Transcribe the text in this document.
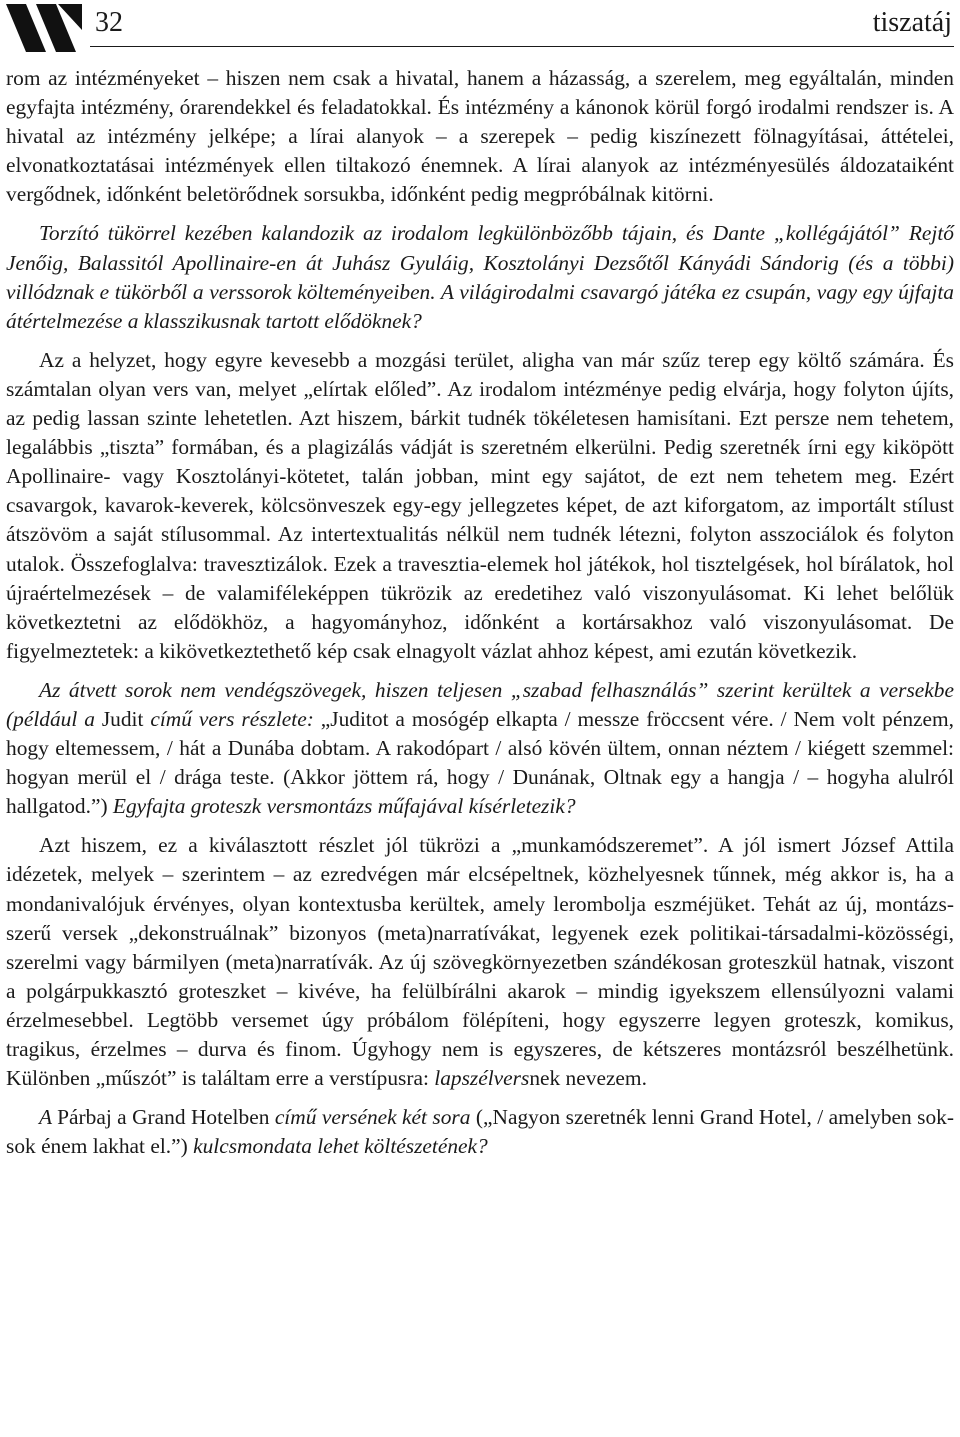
32	tiszatáj

rom az intézményeket – hiszen nem csak a hivatal, hanem a házasság, a szerelem, meg egyáltalán, minden egyfajta intézmény, órarendekkel és feladatokkal. És intézmény a kánonok körül forgó irodalmi rendszer is. A hivatal az intézmény jelképe; a lírai alanyok – a szerepek – pedig kiszínezett fölnagyításai, áttételei, elvonatkoztatásai intézmények ellen tiltakozó énemnek. A lírai alanyok az intézményesülés áldozataiként vergődnek, időnként beletörődnek sorsukba, időnként pedig megpróbálnak kitörni.

Torzító tükörrel kezében kalandozik az irodalom legkülönbözőbb tájain, és Dante „kollégájától” Rejtő Jenőig, Balassitól Apollinaire-en át Juhász Gyuláig, Kosztolányi Dezsőtől Kányádi Sándorig (és a többi) villódznak e tükörből a verssorok költeményeiben. A világirodalmi csavargó játéka ez csupán, vagy egy újfajta átértelmezése a klasszikusnak tartott elődöknek?

Az a helyzet, hogy egyre kevesebb a mozgási terület, aligha van már szűz terep egy költő számára. És számtalan olyan vers van, melyet „elírtak előled”. Az irodalom intézménye pedig elvárja, hogy folyton újíts, az pedig lassan szinte lehetetlen. Azt hiszem, bárkit tudnék tökéletesen hamisítani. Ezt persze nem tehetem, legalábbis „tiszta” formában, és a plagizálás vádját is szeretném elkerülni. Pedig szeretnék írni egy kiköpött Apollinaire- vagy Kosztolányi-kötetet, talán jobban, mint egy sajátot, de ezt nem tehetem meg. Ezért csavargok, kavarok-keverek, kölcsönveszek egy-egy jellegzetes képet, de azt kiforgatom, az importált stílust átszövöm a saját stílusommal. Az intertextualitás nélkül nem tudnék létezni, folyton asszociálok és folyton utalok. Összefoglalva: travesztizálok. Ezek a travesztia-elemek hol játékok, hol tisztelgések, hol bírálatok, hol újraértelmezések – de valamiféleképpen tükrözik az eredetihez való viszonyulásomat. Ki lehet belőlük következtetni az elődökhöz, a hagyományhoz, időnként a kortársakhoz való viszonyulásomat. De figyelmeztetek: a kikövetkeztethető kép csak elnagyolt vázlat ahhoz képest, ami ezután következik.

Az átvett sorok nem vendégszövegek, hiszen teljesen „szabad felhasználás” szerint kerültek a versekbe (például a Judit című vers részlete: „Juditot a mosógép elkapta / messze fröccsent vére. / Nem volt pénzem, hogy eltemessem, / hát a Dunába dobtam. A rakodópart / alsó kövén ültem, onnan néztem / kiégett szemmel: hogyan merül el / drága teste. (Akkor jöttem rá, hogy / Dunának, Oltnak egy a hangja / – hogyha alulról hallgatod.”) Egyfajta groteszk versmontázs műfajával kísérletezik?

Azt hiszem, ez a kiválasztott részlet jól tükrözi a „munkamódszeremet”. A jól ismert József Attila idézetek, melyek – szerintem – az ezredvégen már elcsépeltnek, közhelyesnek tűnnek, még akkor is, ha a mondanivalójuk érvényes, olyan kontextusba kerültek, amely lerombolja eszméjüket. Tehát az új, montázs-szerű versek „dekonstruálnak” bizonyos (meta)narratívákat, legyenek ezek politikai-társadalmi-közösségi, szerelmi vagy bármilyen (meta)narratívák. Az új szövegkörnyezetben szándékosan groteszkül hatnak, viszont a polgárpukkasztó groteszket – kivéve, ha felülbírálni akarok – mindig igyekszem ellensúlyozni valami érzelmesebbel. Legtöbb versemet úgy próbálom fölépíteni, hogy egyszerre legyen groteszk, komikus, tragikus, érzelmes – durva és finom. Úgyhogy nem is egyszeres, de kétszeres montázsról beszélhetünk. Különben „műszót” is találtam erre a verstípusra: lapszélversnek nevezem.

A Párbaj a Grand Hotelben című versének két sora („Nagyon szeretnék lenni Grand Hotel, / amelyben sok-sok énem lakhat el.”) kulcsmondata lehet költészetének?
